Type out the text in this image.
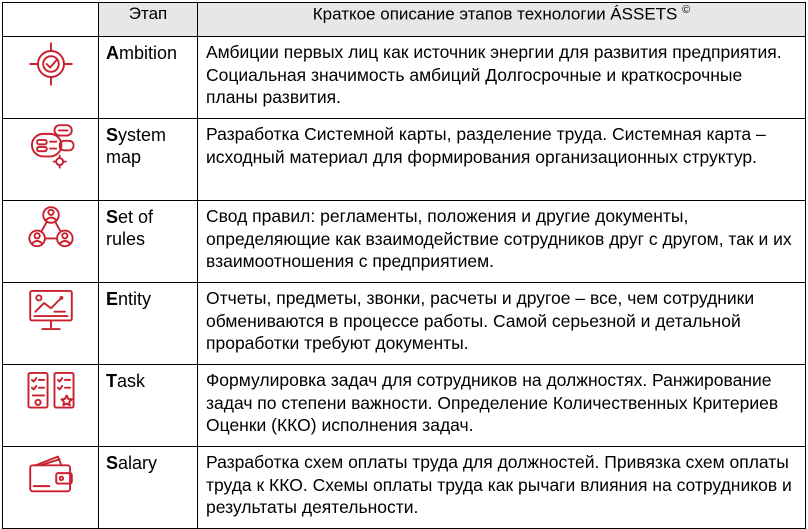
	Этап	Краткое описание этапов технологии ÁSSETS ©
	Ambition	Амбиции первых лиц как источник энергии для развития предприятия. Социальная значимость амбиций Долгосрочные и краткосрочные планы развития.
	System map	Разработка Системной карты, разделение труда. Системная карта – исходный материал для формирования организационных структур.
	Set of rules	Свод правил: регламенты, положения и другие документы, определяющие как взаимодействие сотрудников друг с другом, так и их взаимоотношения с предприятием.
	Entity	Отчеты, предметы, звонки, расчеты и другое – все, чем сотрудники обмениваются в процессе работы. Самой серьезной и детальной проработки требуют документы.
	Task	Формулировка задач для сотрудников на должностях. Ранжирование задач по степени важности. Определение Количественных Критериев Оценки (ККО) исполнения задач.
	Salary	Разработка схем оплаты труда для должностей. Привязка схем оплаты труда к ККО. Схемы оплаты труда как рычаги влияния на сотрудников и результаты деятельности.
